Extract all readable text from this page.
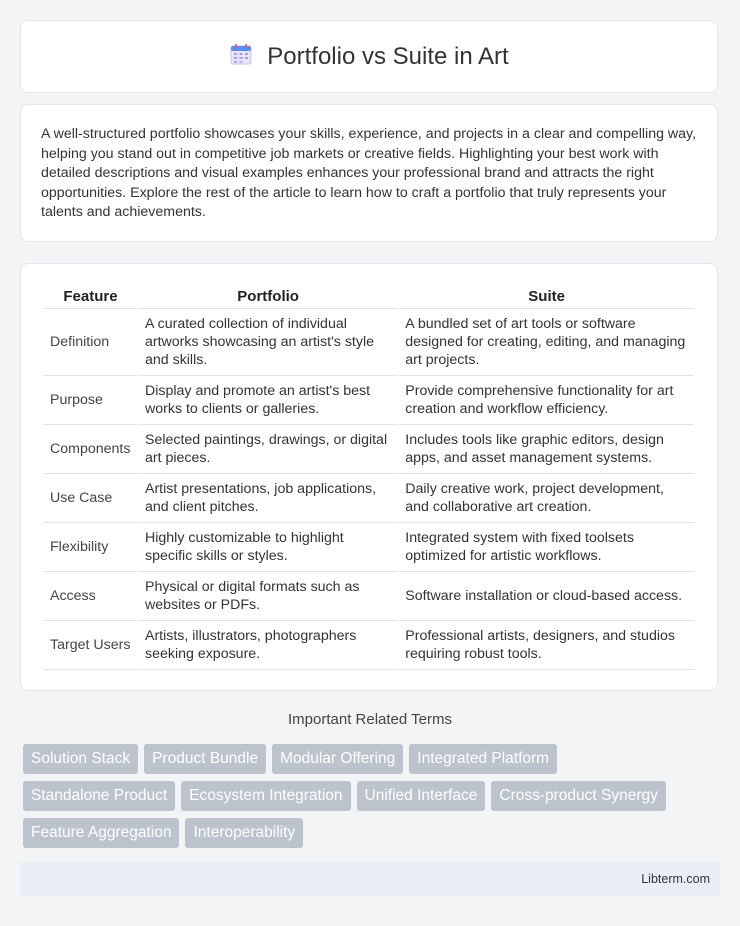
Portfolio vs Suite in Art
A well-structured portfolio showcases your skills, experience, and projects in a clear and compelling way, helping you stand out in competitive job markets or creative fields. Highlighting your best work with detailed descriptions and visual examples enhances your professional brand and attracts the right opportunities. Explore the rest of the article to learn how to craft a portfolio that truly represents your talents and achievements.
Feature	Portfolio	Suite
Definition	A curated collection of individual artworks showcasing an artist's style and skills.	A bundled set of art tools or software designed for creating, editing, and managing art projects.
Purpose	Display and promote an artist's best works to clients or galleries.	Provide comprehensive functionality for art creation and workflow efficiency.
Components	Selected paintings, drawings, or digital art pieces.	Includes tools like graphic editors, design apps, and asset management systems.
Use Case	Artist presentations, job applications, and client pitches.	Daily creative work, project development, and collaborative art creation.
Flexibility	Highly customizable to highlight specific skills or styles.	Integrated system with fixed toolsets optimized for artistic workflows.
Access	Physical or digital formats such as websites or PDFs.	Software installation or cloud-based access.
Target Users	Artists, illustrators, photographers seeking exposure.	Professional artists, designers, and studios requiring robust tools.
Important Related Terms
Solution Stack	Product Bundle	Modular Offering	Integrated Platform
Standalone Product	Ecosystem Integration	Unified Interface	Cross-product Synergy
Feature Aggregation	Interoperability
Libterm.com
